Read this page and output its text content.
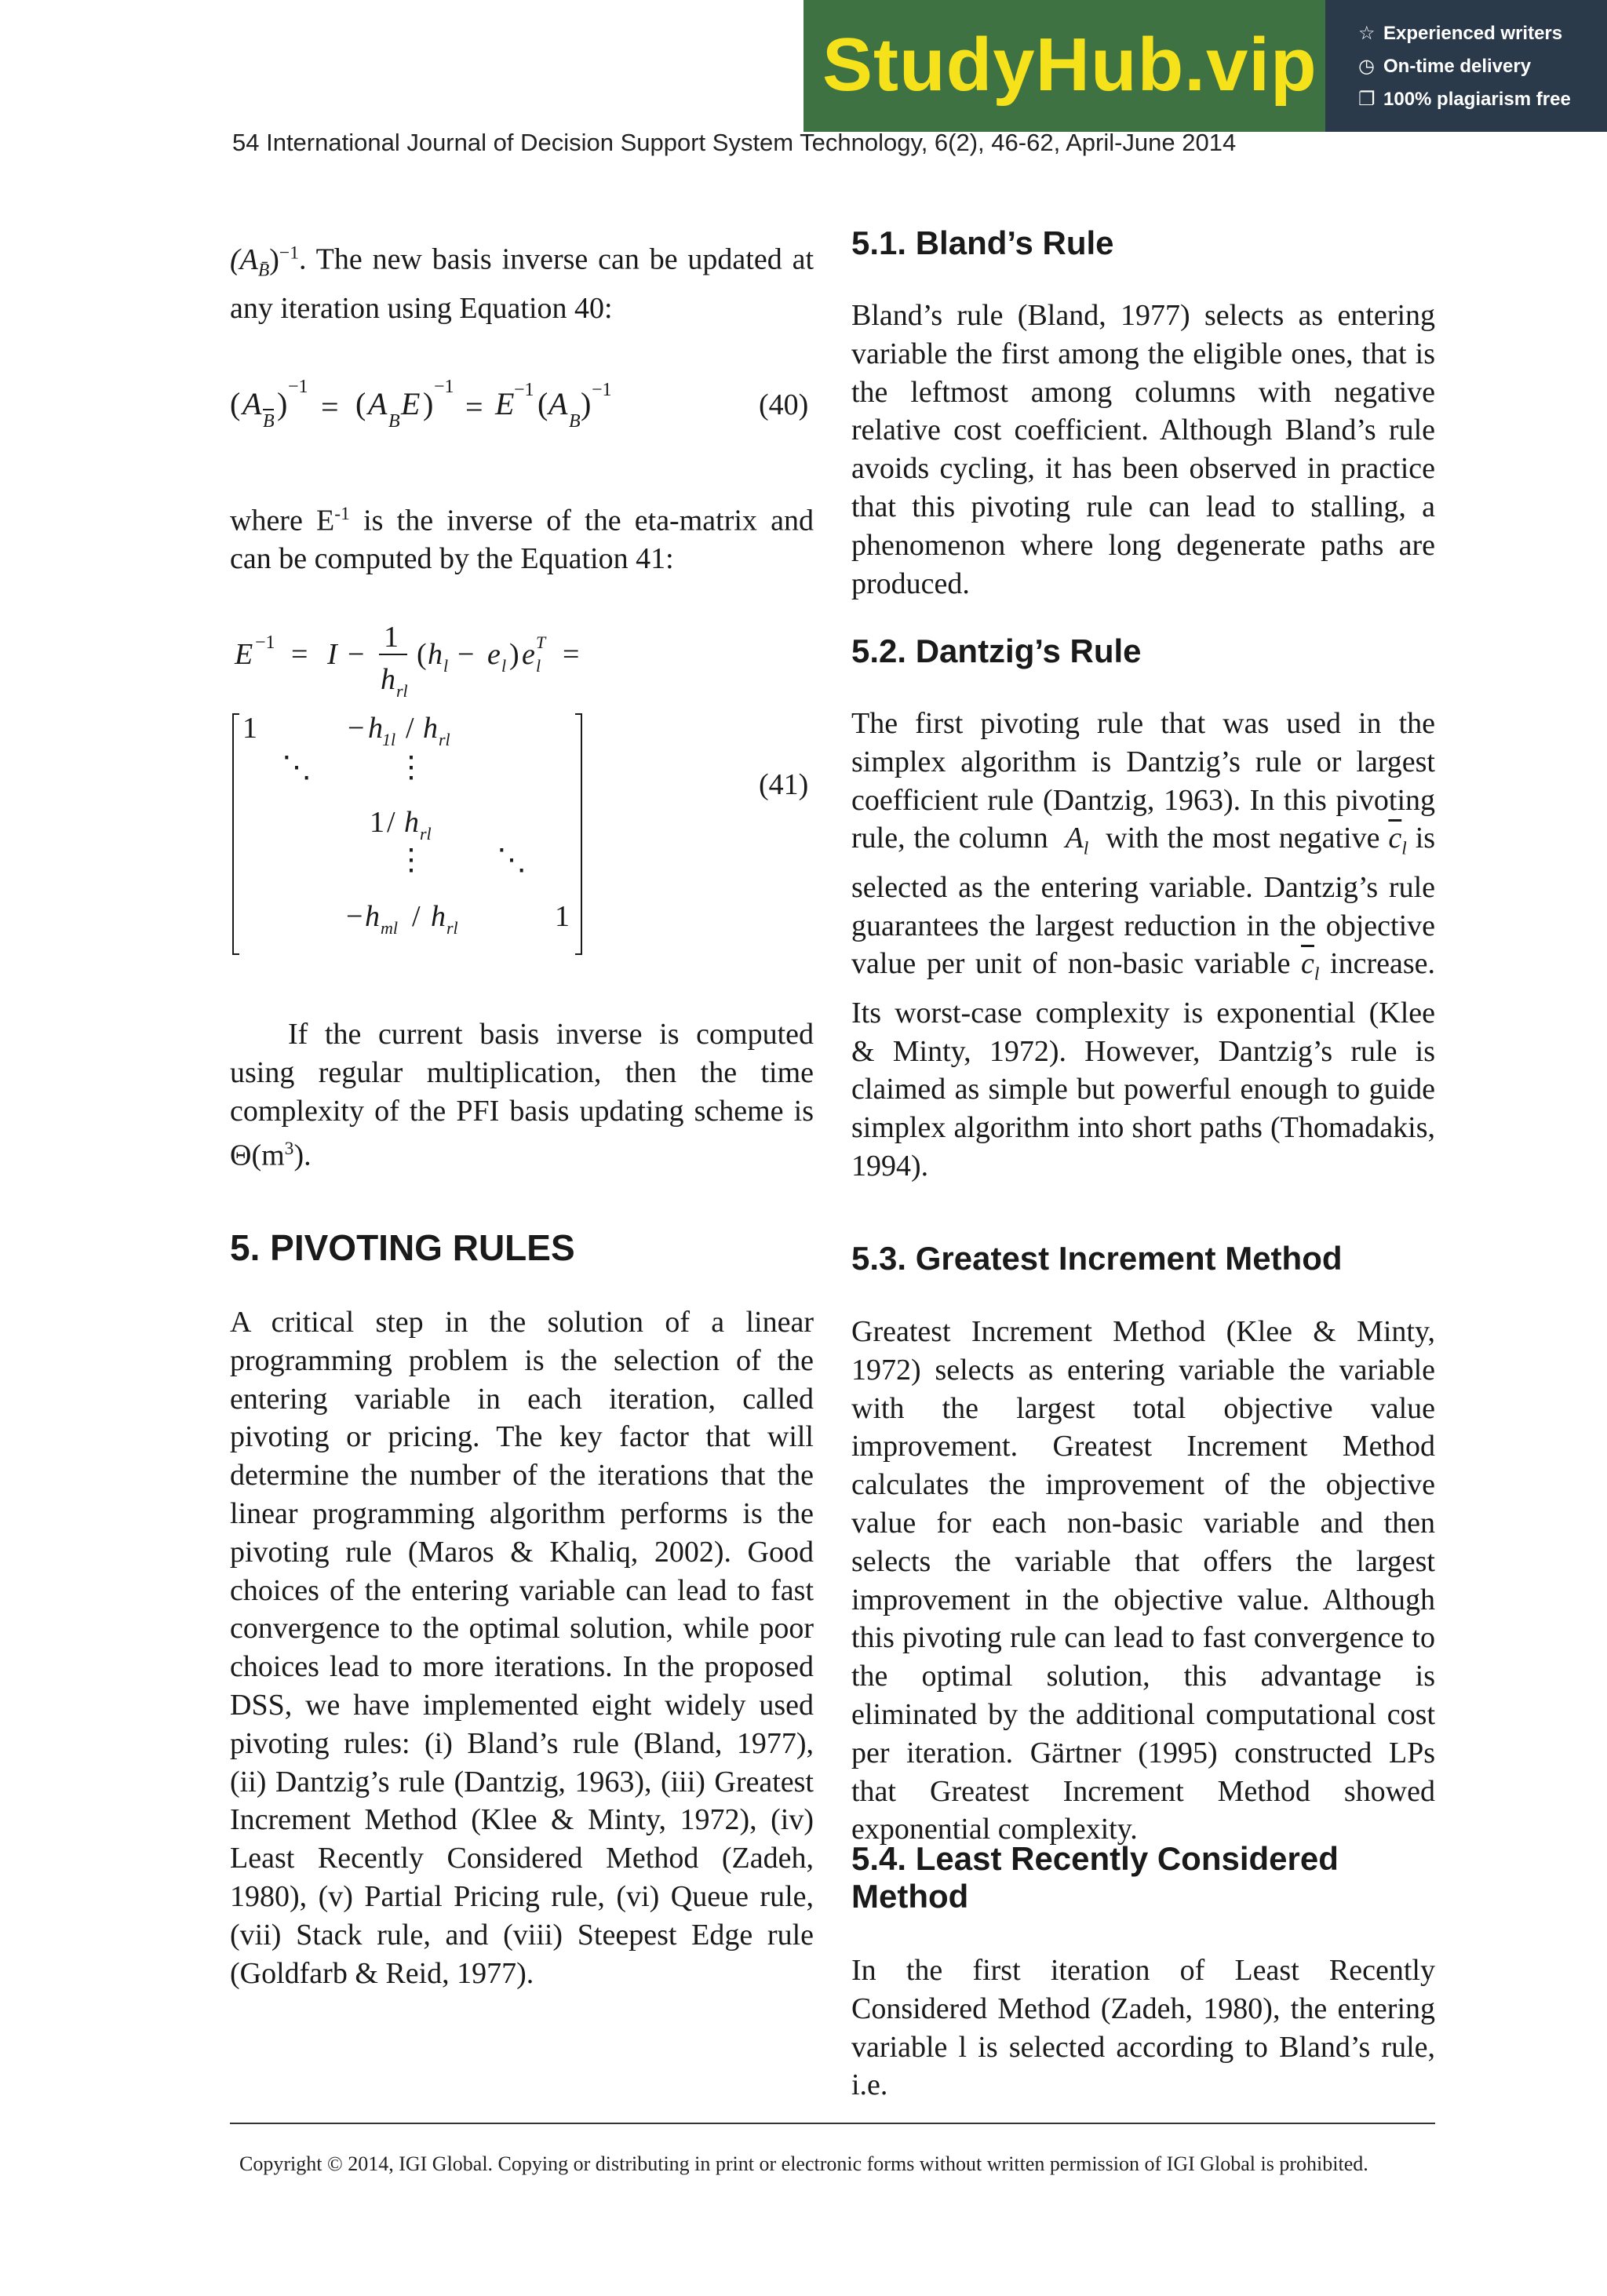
StudyHub.vip ☆ Experienced writers
◷ On-time delivery
❐ 100% plagiarism free
54 International Journal of Decision Support System Technology, 6(2), 46-62, April-June 2014

$(A_{B̄})^{-1}$. The new basis inverse can be updated at any iteration using Equation 40:

( A B ) −1
= ( A B E ) −1
= E −1 ( A B ) −1	(40)

where $E^{-1}$ is the inverse of the eta-matrix and can be computed by the Equation 41:

E −1 = I −
1
h rl
( h l − e l ) e l
T =
1	− h 1l / h rl
⋱	⋮
1 / h rl
⋮ ⋱
− h ml / h rl	1
(41)

If the current basis inverse is computed using regular multiplication, then the time complexity of the PFI basis updating scheme is $\Theta(m^3)$.

5. PIVOTING RULES

A critical step in the solution of a linear programming problem is the selection of the entering variable in each iteration, called pivoting or pricing. The key factor that will determine the number of the iterations that the linear programming algorithm performs is the pivoting rule (Maros & Khaliq, 2002). Good choices of the entering variable can lead to fast convergence to the optimal solution, while poor choices lead to more iterations. In the proposed DSS, we have implemented eight widely used pivoting rules: (i) Bland’s rule (Bland, 1977), (ii) Dantzig’s rule (Dantzig, 1963), (iii) Greatest Increment Method (Klee & Minty, 1972), (iv) Least Recently Considered Method (Zadeh, 1980), (v) Partial Pricing rule, (vi) Queue rule, (vii) Stack rule, and (viii) Steepest Edge rule (Goldfarb & Reid, 1977).

5.1. Bland’s Rule

Bland’s rule (Bland, 1977) selects as entering variable the first among the eligible ones, that is the leftmost among columns with negative relative cost coefficient. Although Bland’s rule avoids cycling, it has been observed in practice that this pivoting rule can lead to stalling, a phenomenon where long degenerate paths are produced.

5.2. Dantzig’s Rule

The first pivoting rule that was used in the simplex algorithm is Dantzig’s rule or largest coefficient rule (Dantzig, 1963). In this pivoting rule, the column  $A_l$ with the most negative $\overline{c}_l$ is selected as the entering variable. Dantzig’s rule guarantees the largest reduction in the objective value per unit of non-basic variable $\overline{c}_l$ increase. Its worst-case complexity is exponential (Klee & Minty, 1972). However, Dantzig’s rule is claimed as simple but powerful enough to guide simplex algorithm into short paths (Thomadakis, 1994).

5.3. Greatest Increment Method

Greatest Increment Method (Klee & Minty, 1972) selects as entering variable the variable with the largest total objective value improvement. Greatest Increment Method calculates the improvement of the objective value for each non-basic variable and then selects the variable that offers the largest improvement in the objective value. Although this pivoting rule can lead to fast convergence to the optimal solution, this advantage is eliminated by the additional computational cost per iteration. Gärtner (1995) constructed LPs that Greatest Increment Method showed exponential complexity.

5.4. Least Recently Considered Method

In the first iteration of Least Recently Considered Method (Zadeh, 1980), the entering variable l is selected according to Bland’s rule, i.e.

Copyright © 2014, IGI Global. Copying or distributing in print or electronic forms without written permission of IGI Global is prohibited.
